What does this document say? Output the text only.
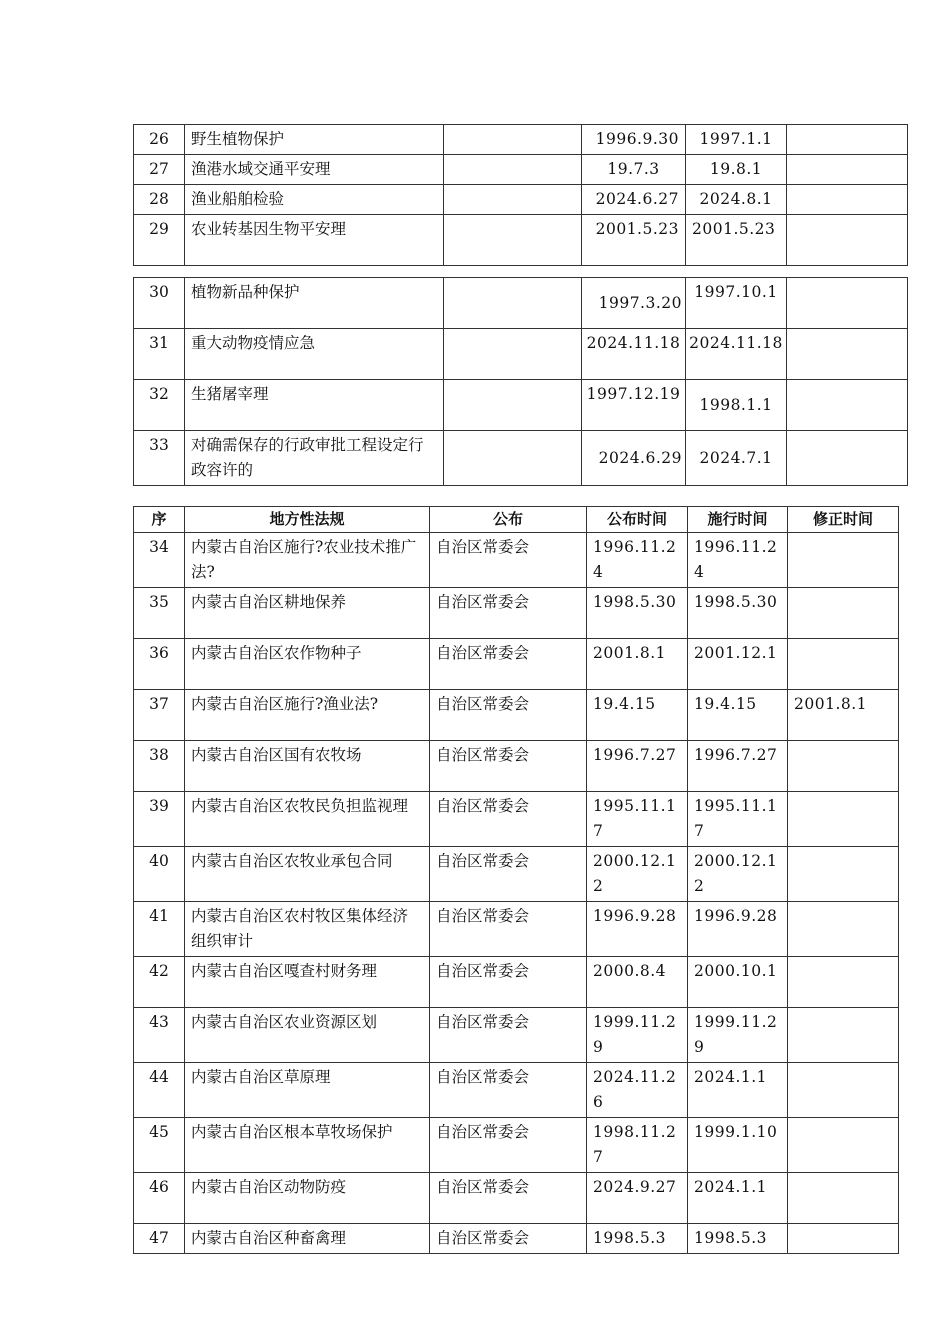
26	野生植物保护		1996.9.30	1997.1.1	
27	渔港水域交通平安理		19.7.3	19.8.1	
28	渔业船舶检验		2024.6.27	2024.8.1	
29	农业转基因生物平安理		2001.5.23	2001.5.23	
30	植物新品种保护		1997.3.20	1997.10.1	
31	重大动物疫情应急		2024.11.18	2024.11.18	
32	生猪屠宰理		1997.12.19	1998.1.1	
33	对确需保存的行政审批工程设定行政容许的		2024.6.29	2024.7.1	
序	地方性法规	公布	公布时间	施行时间	修正时间
34	内蒙古自治区施行?农业技术推广法?	自治区常委会	1996.11.24	1996.11.24	
35	内蒙古自治区耕地保养	自治区常委会	1998.5.30	1998.5.30	
36	内蒙古自治区农作物种子	自治区常委会	2001.8.1	2001.12.1	
37	内蒙古自治区施行?渔业法?	自治区常委会	19.4.15	19.4.15	2001.8.1
38	内蒙古自治区国有农牧场	自治区常委会	1996.7.27	1996.7.27	
39	内蒙古自治区农牧民负担监视理	自治区常委会	1995.11.17	1995.11.17	
40	内蒙古自治区农牧业承包合同	自治区常委会	2000.12.12	2000.12.12	
41	内蒙古自治区农村牧区集体经济组织审计	自治区常委会	1996.9.28	1996.9.28	
42	内蒙古自治区嘎查村财务理	自治区常委会	2000.8.4	2000.10.1	
43	内蒙古自治区农业资源区划	自治区常委会	1999.11.29	1999.11.29	
44	内蒙古自治区草原理	自治区常委会	2024.11.26	2024.1.1	
45	内蒙古自治区根本草牧场保护	自治区常委会	1998.11.27	1999.1.10	
46	内蒙古自治区动物防疫	自治区常委会	2024.9.27	2024.1.1	
47	内蒙古自治区种畜禽理	自治区常委会	1998.5.3	1998.5.3	
